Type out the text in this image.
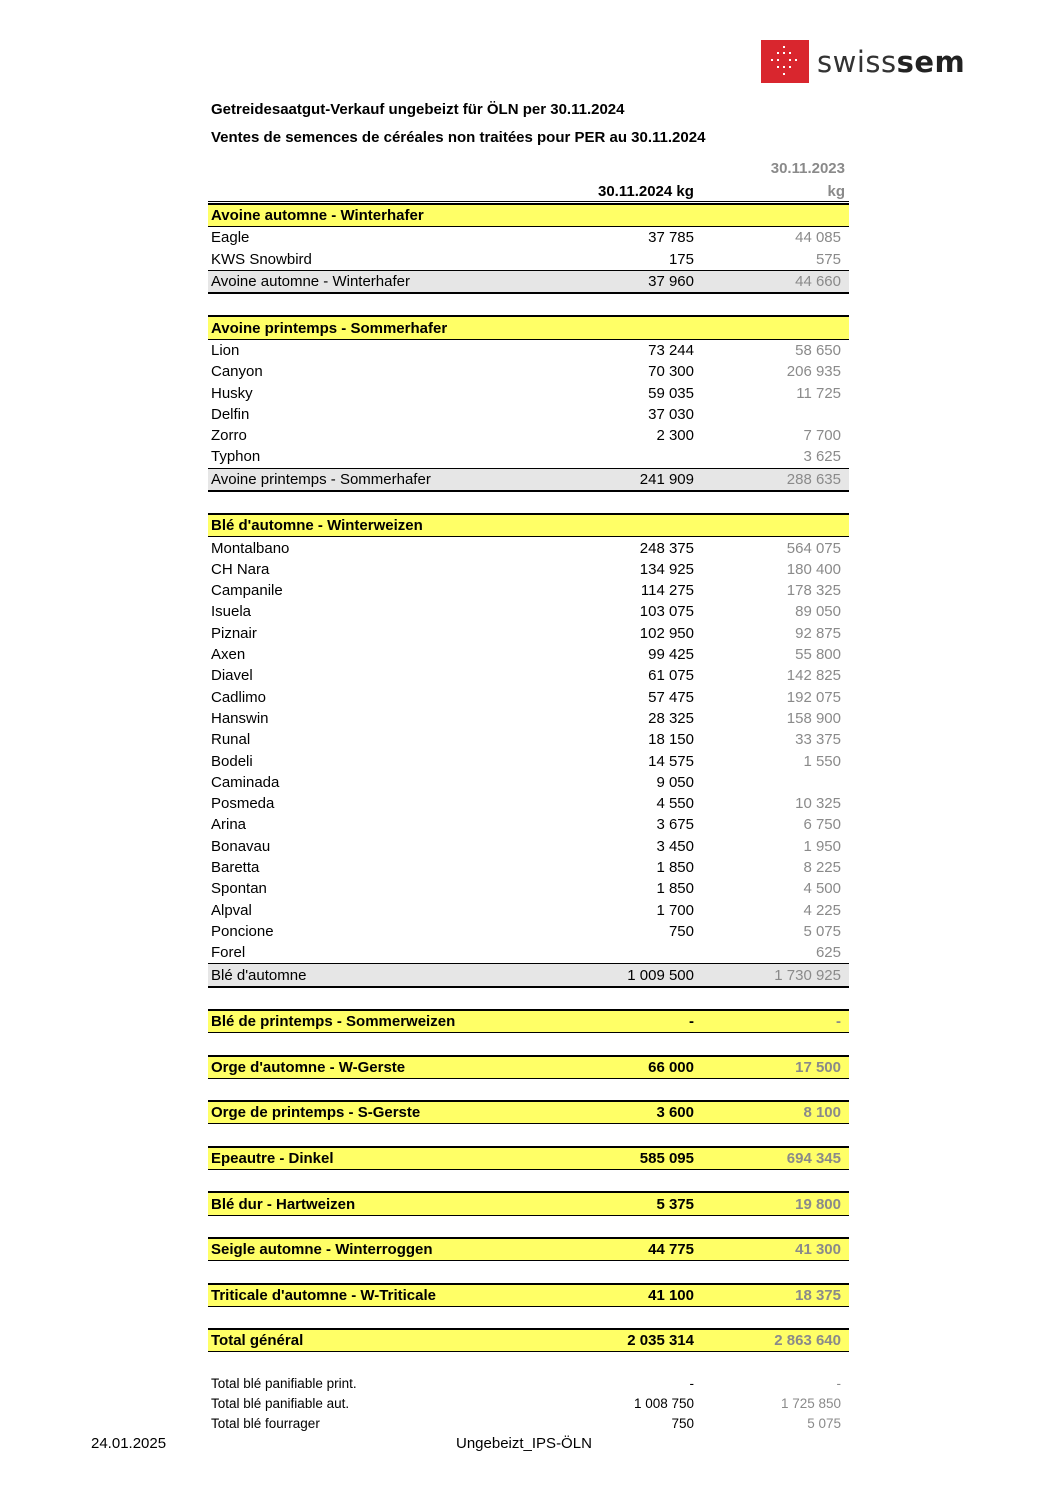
swisssem
Getreidesaatgut-Verkauf ungebeizt für ÖLN per 30.11.2024
Ventes de semences de céréales non traitées pour PER au 30.11.2024
30.11.2023
30.11.2024 kg	kg
Avoine automne - Winterhafer		
Eagle	37 785	44 085
KWS Snowbird	175	575
Avoine automne - Winterhafer	37 960	44 660

Avoine printemps - Sommerhafer		
Lion	73 244	58 650
Canyon	70 300	206 935
Husky	59 035	11 725
Delfin	37 030	
Zorro	2 300	7 700
Typhon		3 625
Avoine printemps - Sommerhafer	241 909	288 635

Blé d'automne - Winterweizen		
Montalbano	248 375	564 075
CH Nara	134 925	180 400
Campanile	114 275	178 325
Isuela	103 075	89 050
Piznair	102 950	92 875
Axen	99 425	55 800
Diavel	61 075	142 825
Cadlimo	57 475	192 075
Hanswin	28 325	158 900
Runal	18 150	33 375
Bodeli	14 575	1 550
Caminada	9 050	
Posmeda	4 550	10 325
Arina	3 675	6 750
Bonavau	3 450	1 950
Baretta	1 850	8 225
Spontan	1 850	4 500
Alpval	1 700	4 225
Poncione	750	5 075
Forel		625
Blé d'automne	1 009 500	1 730 925

Blé de printemps - Sommerweizen	-	-

Orge d'automne - W-Gerste	66 000	17 500

Orge de printemps - S-Gerste	3 600	8 100

Epeautre - Dinkel	585 095	694 345

Blé dur - Hartweizen	5 375	19 800

Seigle automne - Winterroggen	44 775	41 300

Triticale d'automne - W-Triticale	41 100	18 375

Total général	2 035 314	2 863 640

Total blé panifiable print.	-	-
Total blé panifiable aut.	1 008 750	1 725 850
Total blé fourrager	750	5 075
24.01.2025	Ungebeizt_IPS-ÖLN
